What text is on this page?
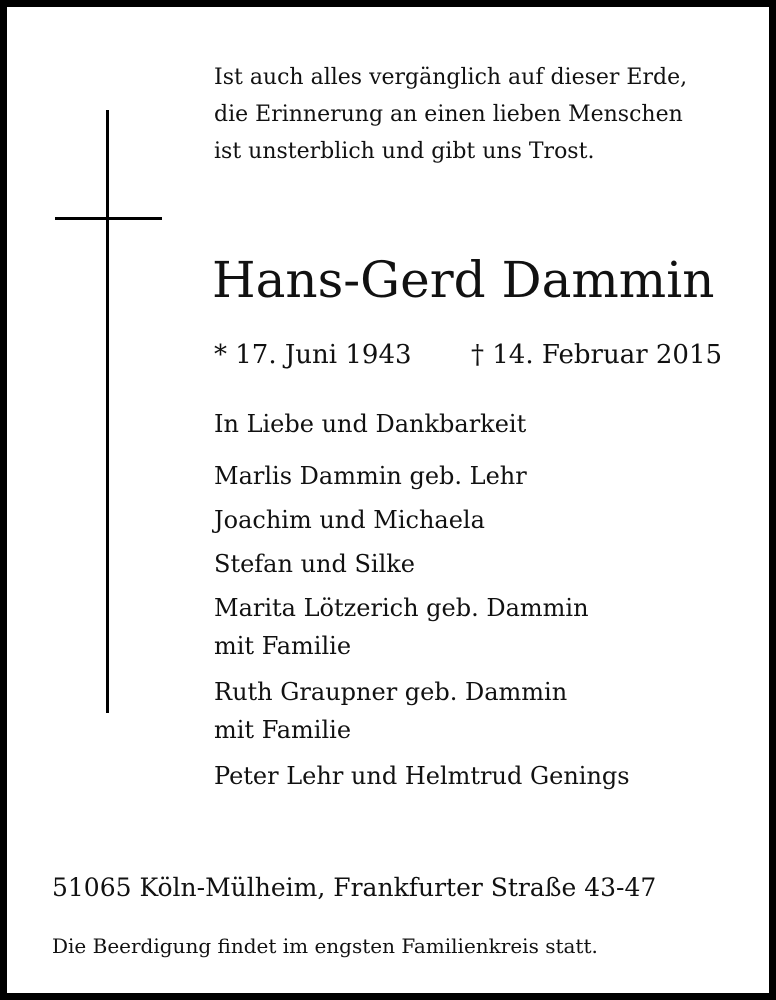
Ist auch alles vergänglich auf dieser Erde,
die Erinnerung an einen lieben Menschen
ist unsterblich und gibt uns Trost.
Hans-Gerd Dammin
* 17. Juni 1943 † 14. Februar 2015
In Liebe und Dankbarkeit
Marlis Dammin geb. Lehr
Joachim und Michaela
Stefan und Silke
Marita Lötzerich geb. Dammin
mit Familie
Ruth Graupner geb. Dammin
mit Familie
Peter Lehr und Helmtrud Genings
51065 Köln-Mülheim, Frankfurter Straße 43-47
Die Beerdigung findet im engsten Familienkreis statt.
